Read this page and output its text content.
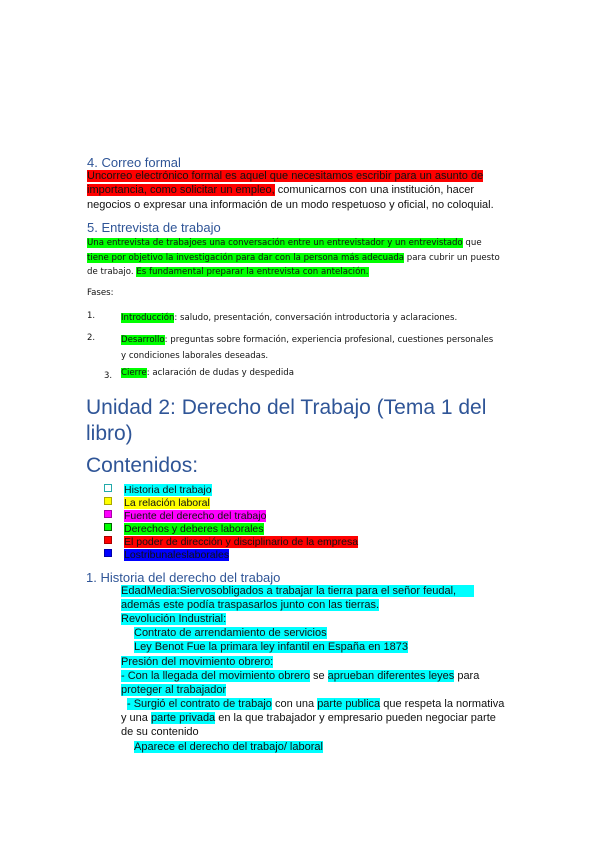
4. Correo formal
Uncorreo electrónico formal es aquel que necesitamos escribir para un asunto de
importancia, como solicitar un empleo, comunicarnos con una institución, hacer
negocios o expresar una información de un modo respetuoso y oficial, no coloquial.
5. Entrevista de trabajo
Una entrevista de trabajoes una conversación entre un entrevistador y un entrevistado que
tiene por objetivo la investigación para dar con la persona más adecuada para cubrir un puesto
de trabajo. Es fundamental preparar la entrevista con antelación.
Fases:
1.	Introducción: saludo, presentación, conversación introductoria y aclaraciones.
2.	Desarrollo: preguntas sobre formación, experiencia profesional, cuestiones personales
y condiciones laborales deseadas.
3. Cierre: aclaración de dudas y despedida
Unidad 2: Derecho del Trabajo (Tema 1 del
libro)
Contenidos:
Historia del trabajo
La relación laboral
Fuente del derecho del trabajo
Derechos y deberes laborales
El poder de dirección y disciplinario de la empresa
Lostribunaleslaborales
1. Historia del derecho del trabajo
EdadMedia:Siervosobligados a trabajar la tierra para el señor feudal,
además este podía traspasarlos junto con las tierras.
Revolución Industrial:
Contrato de arrendamiento de servicios
Ley Benot Fue la primara ley infantil en España en 1873
Presión del movimiento obrero:
- Con la llegada del movimiento obrero se aprueban diferentes leyes para
proteger al trabajador
- Surgió el contrato de trabajo con una parte publica que respeta la normativa
y una parte privada en la que trabajador y empresario pueden negociar parte
de su contenido
Aparece el derecho del trabajo/ laboral
